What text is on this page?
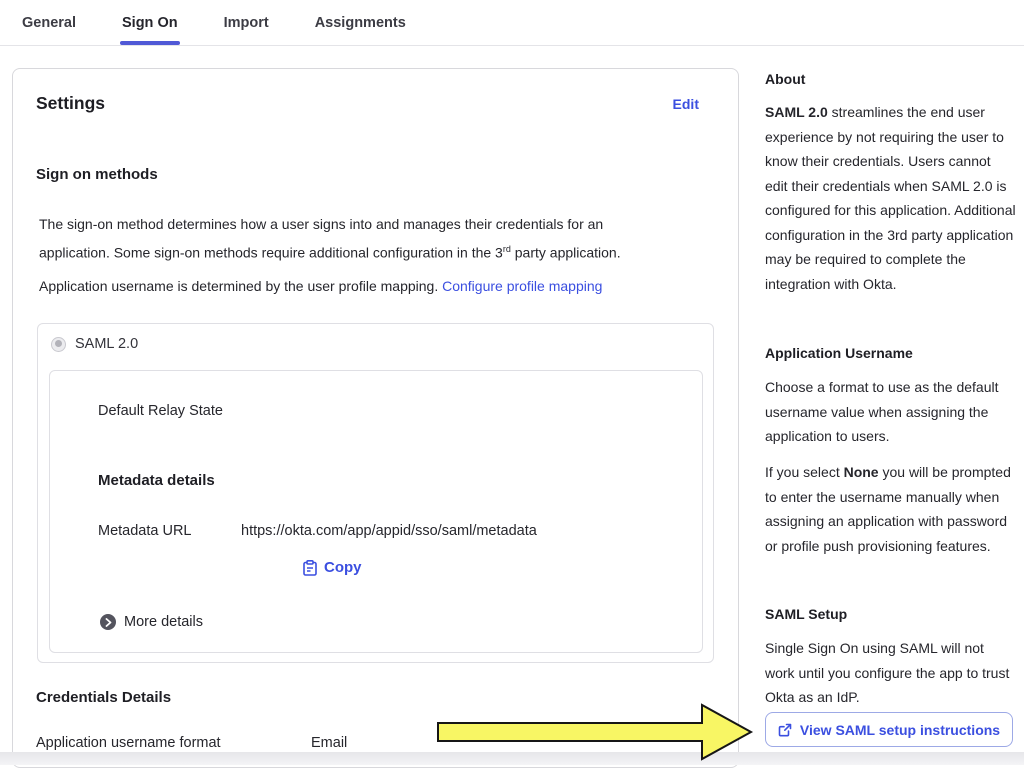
General	Sign On	Import	Assignments
Settings	Edit
Sign on methods

The sign-on method determines how a user signs into and manages their credentials for an application. Some sign-on methods require additional configuration in the 3rd party application.

Application username is determined by the user profile mapping. Configure profile mapping

SAML 2.0
Default Relay State
Metadata details
Metadata URL	https://okta.com/app/appid/sso/saml/metadata
Copy
More details
Credentials Details
Application username format	Email
About

SAML 2.0 streamlines the end user experience by not requiring the user to know their credentials. Users cannot edit their credentials when SAML 2.0 is configured for this application. Additional configuration in the 3rd party application may be required to complete the integration with Okta.

Application Username

Choose a format to use as the default username value when assigning the application to users.

If you select None you will be prompted to enter the username manually when assigning an application with password or profile push provisioning features.

SAML Setup

Single Sign On using SAML will not work until you configure the app to trust Okta as an IdP.

View SAML setup instructions
